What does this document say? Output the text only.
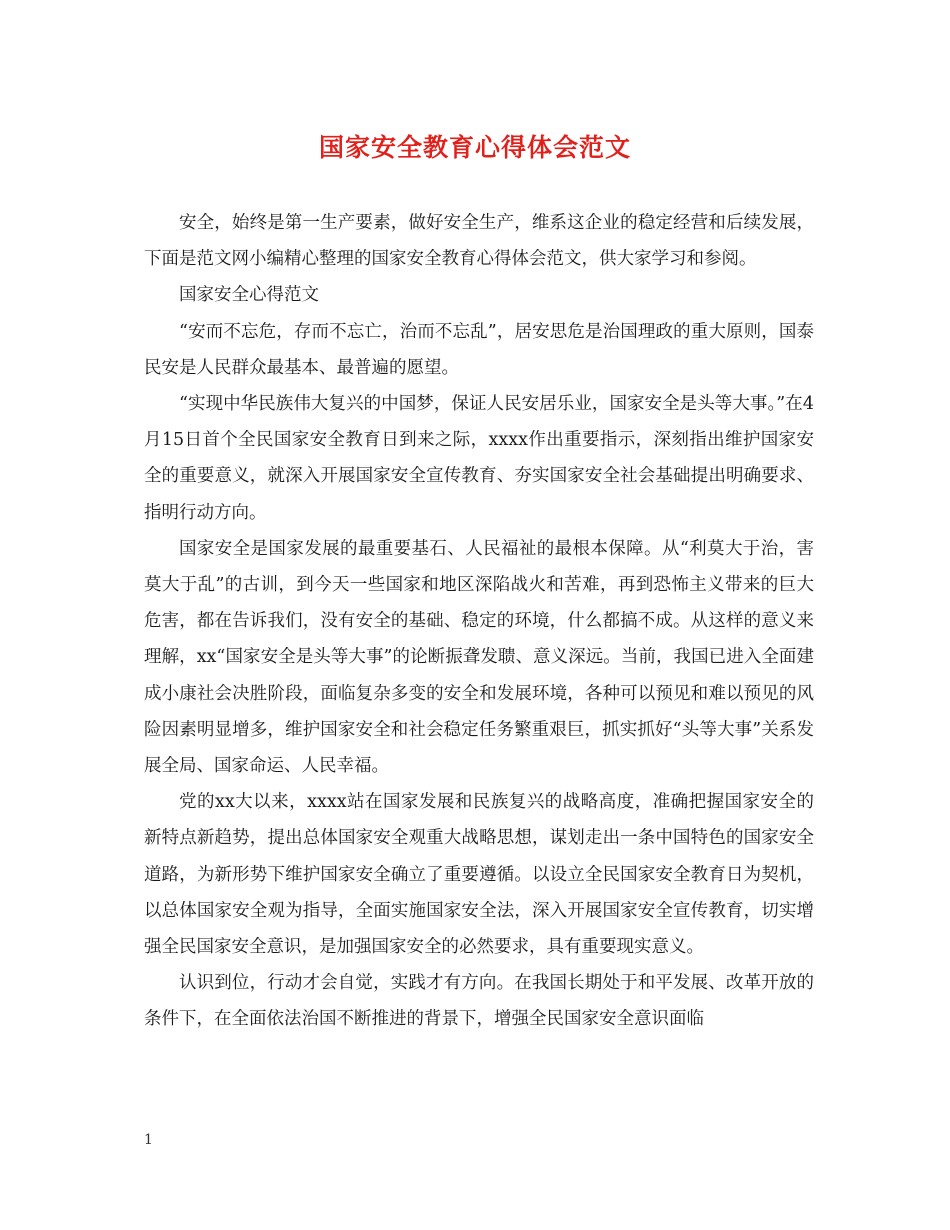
国家安全教育心得体会范文

安全，始终是第一生产要素，做好安全生产，维系这企业的稳定经营和后续发展，下面是范文网小编精心整理的国家安全教育心得体会范文，供大家学习和参阅。

国家安全心得范文

“安而不忘危，存而不忘亡，治而不忘乱”，居安思危是治国理政的重大原则，国泰民安是人民群众最基本、最普遍的愿望。

“实现中华民族伟大复兴的中国梦，保证人民安居乐业，国家安全是头等大事。”在4月15日首个全民国家安全教育日到来之际，xxxx作出重要指示，深刻指出维护国家安全的重要意义，就深入开展国家安全宣传教育、夯实国家安全社会基础提出明确要求、指明行动方向。

国家安全是国家发展的最重要基石、人民福祉的最根本保障。从“利莫大于治，害莫大于乱”的古训，到今天一些国家和地区深陷战火和苦难，再到恐怖主义带来的巨大危害，都在告诉我们，没有安全的基础、稳定的环境，什么都搞不成。从这样的意义来理解，xx“国家安全是头等大事”的论断振聋发聩、意义深远。当前，我国已进入全面建成小康社会决胜阶段，面临复杂多变的安全和发展环境，各种可以预见和难以预见的风险因素明显增多，维护国家安全和社会稳定任务繁重艰巨，抓实抓好“头等大事”关系发展全局、国家命运、人民幸福。

党的xx大以来，xxxx站在国家发展和民族复兴的战略高度，准确把握国家安全的新特点新趋势，提出总体国家安全观重大战略思想，谋划走出一条中国特色的国家安全道路，为新形势下维护国家安全确立了重要遵循。以设立全民国家安全教育日为契机，以总体国家安全观为指导，全面实施国家安全法，深入开展国家安全宣传教育，切实增强全民国家安全意识，是加强国家安全的必然要求，具有重要现实意义。

认识到位，行动才会自觉，实践才有方向。在我国长期处于和平发展、改革开放的条件下，在全面依法治国不断推进的背景下，增强全民国家安全意识面临

1
